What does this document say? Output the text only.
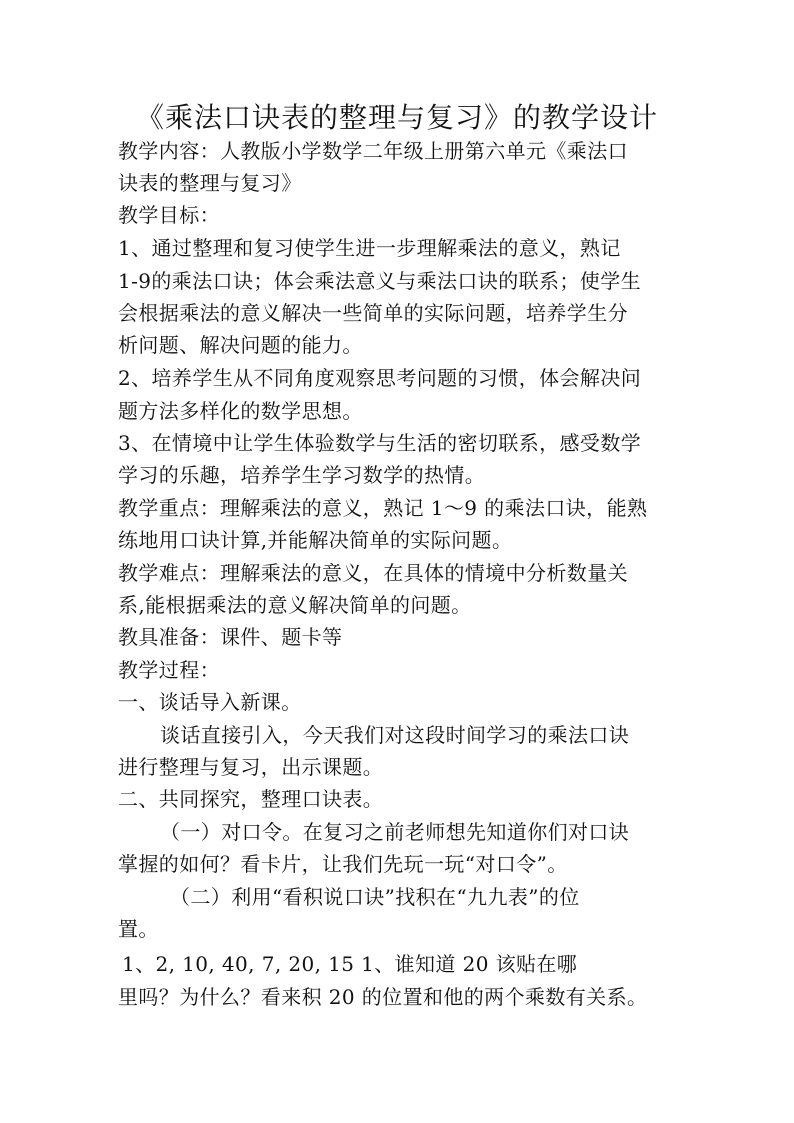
《乘法口诀表的整理与复习》的教学设计
教学内容：人教版小学数学二年级上册第六单元《乘法口
诀表的整理与复习》
教学目标：
1、通过整理和复习使学生进一步理解乘法的意义，熟记
1-9的乘法口诀；体会乘法意义与乘法口诀的联系；使学生
会根据乘法的意义解决一些简单的实际问题，培养学生分
析问题、解决问题的能力。
2、培养学生从不同角度观察思考问题的习惯，体会解决问
题方法多样化的数学思想。
3、在情境中让学生体验数学与生活的密切联系，感受数学
学习的乐趣，培养学生学习数学的热情。
教学重点：理解乘法的意义，熟记 1～9 的乘法口诀，能熟
练地用口诀计算,并能解决简单的实际问题。
教学难点：理解乘法的意义，在具体的情境中分析数量关
系,能根据乘法的意义解决简单的问题。
教具准备：课件、题卡等
教学过程：
一、谈话导入新课。
谈话直接引入，今天我们对这段时间学习的乘法口诀
进行整理与复习，出示课题。
二、共同探究，整理口诀表。
（一）对口令。在复习之前老师想先知道你们对口诀
掌握的如何？看卡片，让我们先玩一玩“对口令”。
（二）利用“看积说口诀”找积在“九九表”的位
置。
1、2, 10, 40, 7, 20, 15 1、谁知道 20 该贴在哪
里吗？为什么？看来积 20 的位置和他的两个乘数有关系。
